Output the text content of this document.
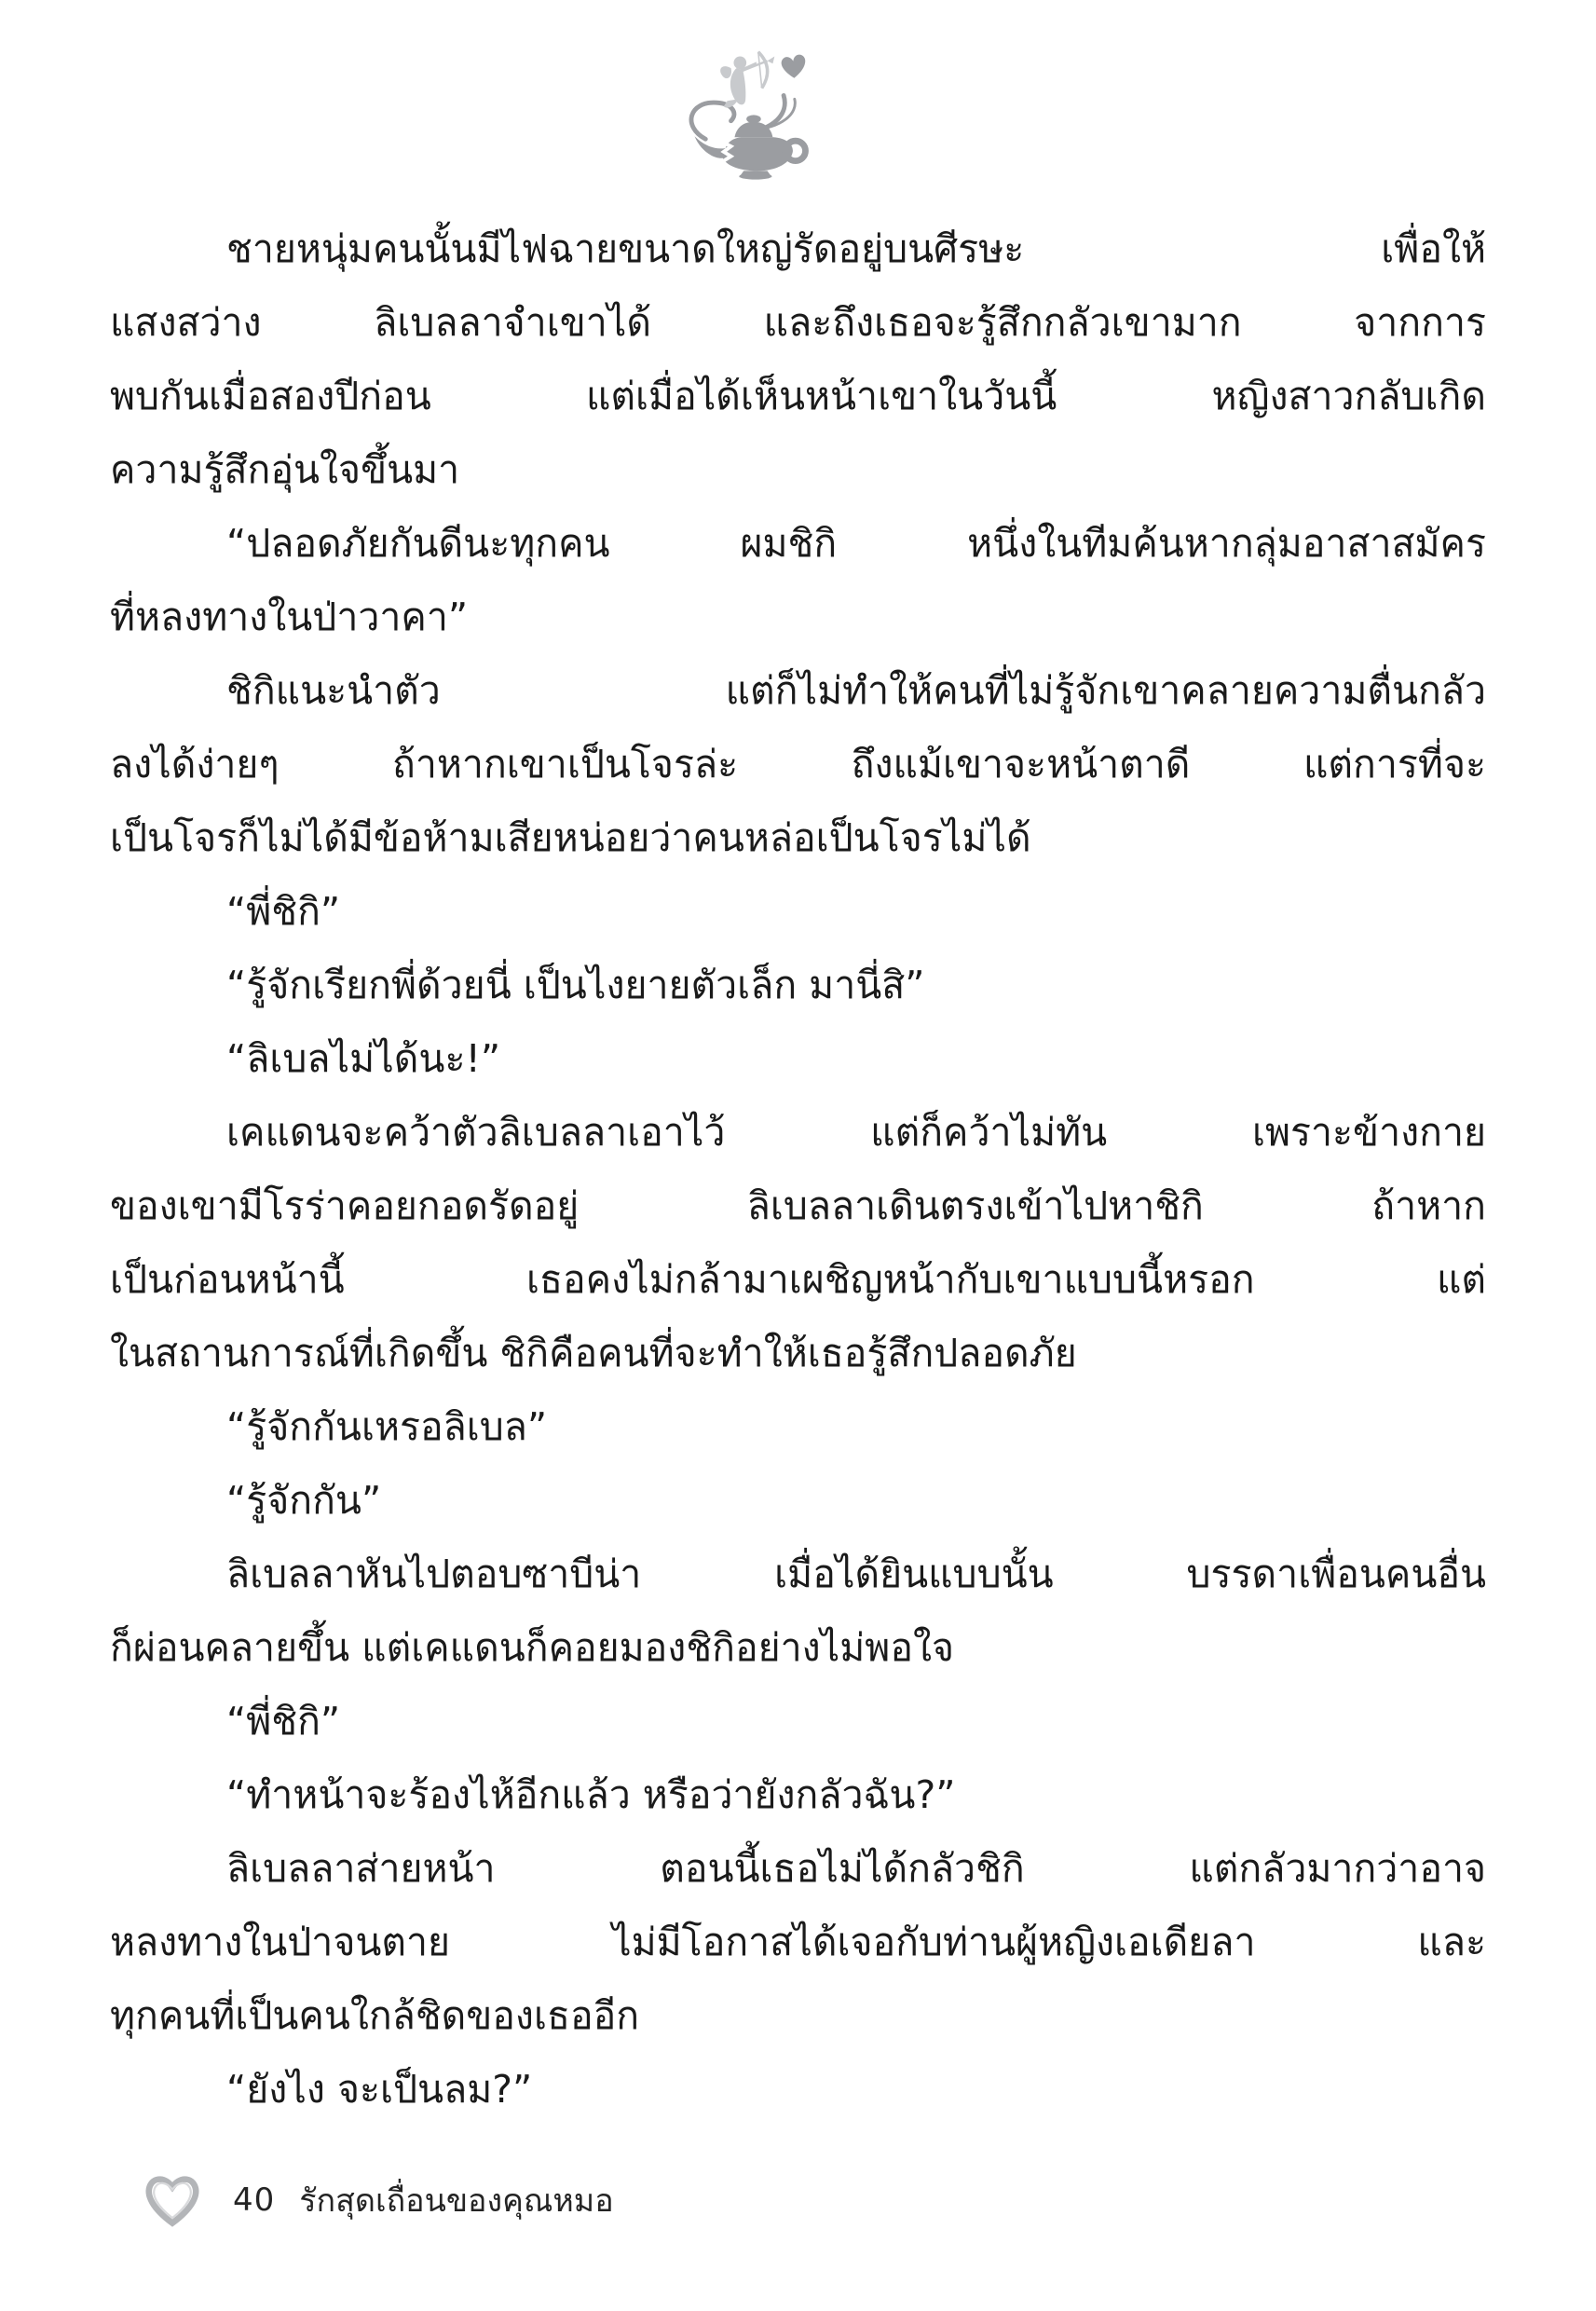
ชายหนุ่มคนนั้นมีไฟฉายขนาดใหญ่รัดอยู่บนศีรษะ เพื่อให้
แสงสว่าง ลิเบลลาจำเขาได้ และถึงเธอจะรู้สึกกลัวเขามาก จากการ
พบกันเมื่อสองปีก่อน แต่เมื่อได้เห็นหน้าเขาในวันนี้ หญิงสาวกลับเกิด
ความรู้สึกอุ่นใจขึ้นมา
“ปลอดภัยกันดีนะทุกคน ผมชิกิ หนึ่งในทีมค้นหากลุ่มอาสาสมัคร
ที่หลงทางในป่าวาคา”
ชิกิแนะนำตัว แต่ก็ไม่ทำให้คนที่ไม่รู้จักเขาคลายความตื่นกลัว
ลงได้ง่ายๆ ถ้าหากเขาเป็นโจรล่ะ ถึงแม้เขาจะหน้าตาดี แต่การที่จะ
เป็นโจรก็ไม่ได้มีข้อห้ามเสียหน่อยว่าคนหล่อเป็นโจรไม่ได้
“พี่ชิกิ”
“รู้จักเรียกพี่ด้วยนี่ เป็นไงยายตัวเล็ก มานี่สิ”
“ลิเบลไม่ได้นะ!”
เคแดนจะคว้าตัวลิเบลลาเอาไว้ แต่ก็คว้าไม่ทัน เพราะข้างกาย
ของเขามีโรร่าคอยกอดรัดอยู่ ลิเบลลาเดินตรงเข้าไปหาชิกิ ถ้าหาก
เป็นก่อนหน้านี้ เธอคงไม่กล้ามาเผชิญหน้ากับเขาแบบนี้หรอก แต่
ในสถานการณ์ที่เกิดขึ้น ชิกิคือคนที่จะทำให้เธอรู้สึกปลอดภัย
“รู้จักกันเหรอลิเบล”
“รู้จักกัน”
ลิเบลลาหันไปตอบซาบีน่า เมื่อได้ยินแบบนั้น บรรดาเพื่อนคนอื่น
ก็ผ่อนคลายขึ้น แต่เคแดนก็คอยมองชิกิอย่างไม่พอใจ
“พี่ชิกิ”
“ทำหน้าจะร้องไห้อีกแล้ว หรือว่ายังกลัวฉัน?”
ลิเบลลาส่ายหน้า ตอนนี้เธอไม่ได้กลัวชิกิ แต่กลัวมากว่าอาจ
หลงทางในป่าจนตาย ไม่มีโอกาสได้เจอกับท่านผู้หญิงเอเดียลา และ
ทุกคนที่เป็นคนใกล้ชิดของเธออีก
“ยังไง จะเป็นลม?”
40 รักสุดเถื่อนของคุณหมอ
